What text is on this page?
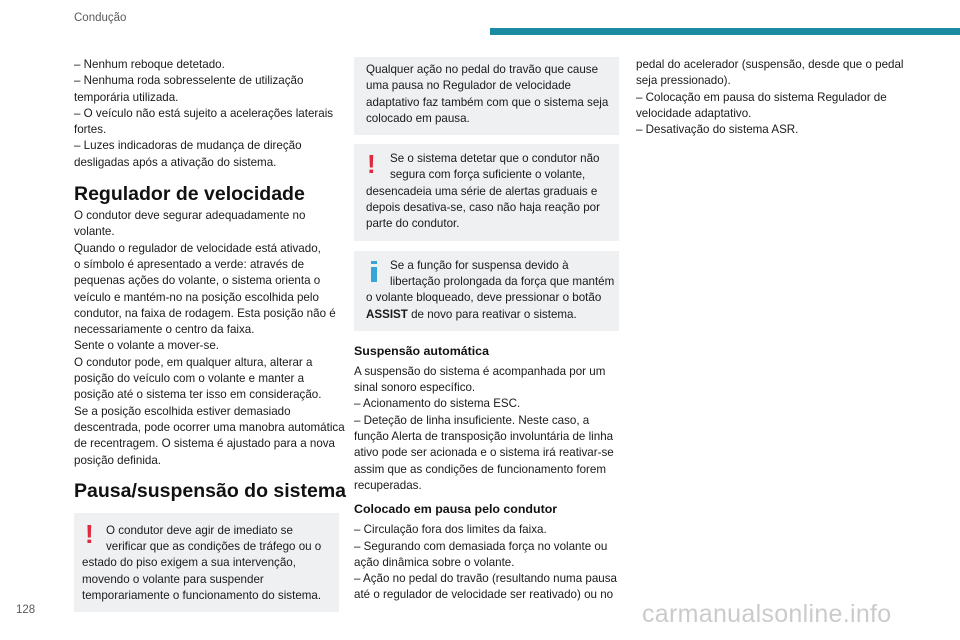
Condução
– Nenhum reboque detetado.
– Nenhuma roda sobresselente de utilização
temporária utilizada.
– O veículo não está sujeito a acelerações laterais
fortes.
– Luzes indicadoras de mudança de direção
desligadas após a ativação do sistema.
Regulador de velocidade
O condutor deve segurar adequadamente no
volante.
Quando o regulador de velocidade está ativado,
o símbolo é apresentado a verde: através de
pequenas ações do volante, o sistema orienta o
veículo e mantém-no na posição escolhida pelo
condutor, na faixa de rodagem. Esta posição não é
necessariamente o centro da faixa.
Sente o volante a mover-se.
O condutor pode, em qualquer altura, alterar a
posição do veículo com o volante e manter a
posição até o sistema ter isso em consideração.
Se a posição escolhida estiver demasiado
descentrada, pode ocorrer uma manobra automática
de recentragem. O sistema é ajustado para a nova
posição definida.
Pausa/suspensão do sistema
!	O condutor deve agir de imediato se
verificar que as condições de tráfego ou o
estado do piso exigem a sua intervenção,
movendo o volante para suspender
temporariamente o funcionamento do sistema.
Qualquer ação no pedal do travão que cause
uma pausa no Regulador de velocidade
adaptativo faz também com que o sistema seja
colocado em pausa.
!	Se o sistema detetar que o condutor não
segura com força suficiente o volante,
desencadeia uma série de alertas graduais e
depois desativa-se, caso não haja reação por
parte do condutor.
Se a função for suspensa devido à
libertação prolongada da força que mantém
o volante bloqueado, deve pressionar o botão
ASSIST de novo para reativar o sistema.
Suspensão automática
A suspensão do sistema é acompanhada por um
sinal sonoro específico.
– Acionamento do sistema ESC.
– Deteção de linha insuficiente. Neste caso, a
função Alerta de transposição involuntária de linha
ativo pode ser acionada e o sistema irá reativar-se
assim que as condições de funcionamento forem
recuperadas.
Colocado em pausa pelo condutor
– Circulação fora dos limites da faixa.
– Segurando com demasiada força no volante ou
ação dinâmica sobre o volante.
– Ação no pedal do travão (resultando numa pausa
até o regulador de velocidade ser reativado) ou no
pedal do acelerador (suspensão, desde que o pedal
seja pressionado).
– Colocação em pausa do sistema Regulador de
velocidade adaptativo.
– Desativação do sistema ASR.
128	carmanualsonline.info
